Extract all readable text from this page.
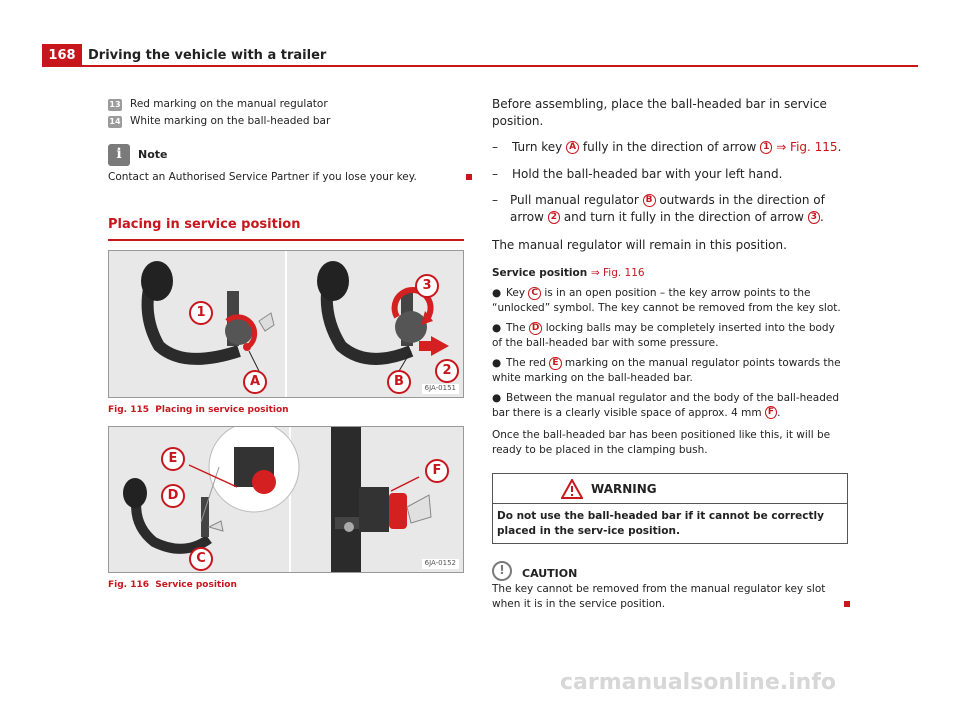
168 Driving the vehicle with a trailer
13 Red marking on the manual regulator
14 White marking on the ball-headed bar
i	Note
Contact an Authorised Service Partner if you lose your key.
Placing in service position
1
A
3
B
2
6JA-0151
Fig. 115 Placing in service position
E
D
C
F
6JA-0152
Fig. 116 Service position
Before assembling, place the ball-headed bar in service position.
– Turn key A fully in the direction of arrow 1 ⇒ Fig. 115.
– Hold the ball-headed bar with your left hand.
– Pull manual regulator B outwards in the direction of arrow 2 and turn it fully in the direction of arrow 3 .
The manual regulator will remain in this position.
Service position ⇒ Fig. 116
● Key C is in an open position – the key arrow points to the “unlocked” symbol. The key cannot be removed from the key slot.
● The D locking balls may be completely inserted into the body of the ball-headed bar with some pressure.
● The red E marking on the manual regulator points towards the white marking on the ball-headed bar.
● Between the manual regulator and the body of the ball-headed bar there is a clearly visible space of approx. 4 mm F .
Once the ball-headed bar has been positioned like this, it will be ready to be placed in the clamping bush.
WARNING
Do not use the ball-headed bar if it cannot be correctly placed in the serv-ice position.
!	CAUTION
The key cannot be removed from the manual regulator key slot when it is in the service position.
carmanualsonline.info
